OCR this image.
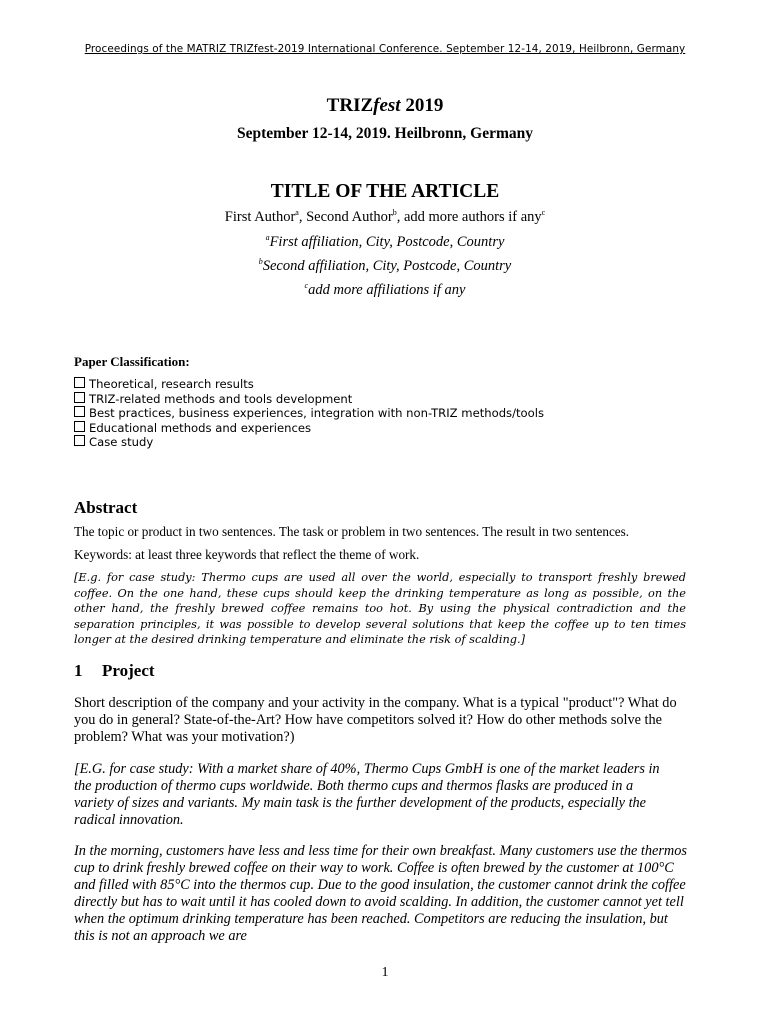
Proceedings of the MATRIZ TRIZfest-2019 International Conference. September 12-14, 2019, Heilbronn, Germany
TRIZfest 2019
September 12-14, 2019. Heilbronn, Germany
TITLE OF THE ARTICLE
First Author$^a$, Second Author$^b$, add more authors if any$^c$
$^a$First affiliation, City, Postcode, Country
$^b$Second affiliation, City, Postcode, Country
$^c$add more affiliations if any
Paper Classification:
Theoretical, research results
TRIZ-related methods and tools development
Best practices, business experiences, integration with non-TRIZ methods/tools
Educational methods and experiences
Case study
Abstract
The topic or product in two sentences. The task or problem in two sentences. The result in two sentences.
Keywords: at least three keywords that reflect the theme of work.
[E.g. for case study: Thermo cups are used all over the world, especially to transport freshly brewed coffee. On the one hand, these cups should keep the drinking temperature as long as possible, on the other hand, the freshly brewed coffee remains too hot. By using the physical contradiction and the separation principles, it was possible to develop several solutions that keep the coffee up to ten times longer at the desired drinking temperature and eliminate the risk of scalding.]
1 Project
Short description of the company and your activity in the company. What is a typical "product"? What do you do in general? State-of-the-Art? How have competitors solved it? How do other methods solve the problem? What was your motivation?)
[E.G. for case study: With a market share of 40%, Thermo Cups GmbH is one of the market leaders in the production of thermo cups worldwide. Both thermo cups and thermos flasks are produced in a variety of sizes and variants. My main task is the further development of the products, especially the radical innovation.
In the morning, customers have less and less time for their own breakfast. Many customers use the thermos cup to drink freshly brewed coffee on their way to work. Coffee is often brewed by the customer at 100°C and filled with 85°C into the thermos cup. Due to the good insulation, the customer cannot drink the coffee directly but has to wait until it has cooled down to avoid scalding. In addition, the customer cannot yet tell when the optimum drinking temperature has been reached. Competitors are reducing the insulation, but this is not an approach we are
1
